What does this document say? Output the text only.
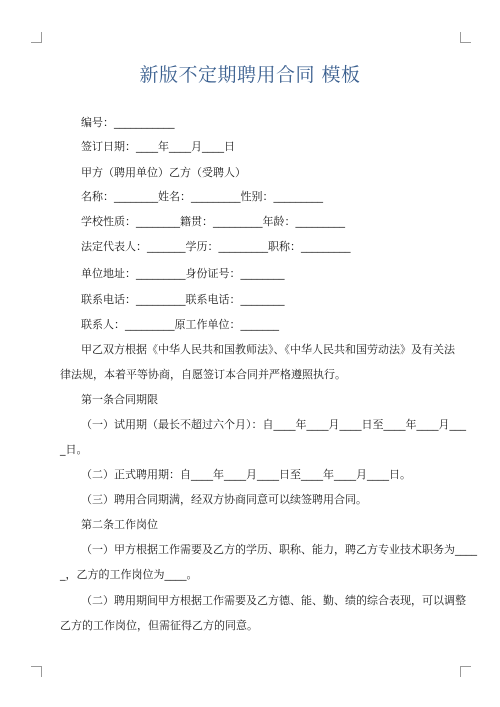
新版不定期聘用合同 模板
编号：___________
签订日期：____年____月____日
甲方（聘用单位）乙方（受聘人）
名称：________姓名：_________性别：_________
学校性质：________籍贯：_________年龄：_________
法定代表人：_______学历：_________职称：_________
单位地址：_________身份证号：________
联系电话：_________联系电话：________
联系人：_________原工作单位：_______
甲乙双方根据《中华人民共和国教师法》、《中华人民共和国劳动法》及有关法
律法规，本着平等协商，自愿签订本合同并严格遵照执行。
第一条合同期限
（一）试用期（最长不超过六个月）：自____年____月____日至____年____月___
_日。
（二）正式聘用期：自____年____月____日至____年____月____日。
（三）聘用合同期满，经双方协商同意可以续签聘用合同。
第二条工作岗位
（一）甲方根据工作需要及乙方的学历、职称、能力，聘乙方专业技术职务为____
_，乙方的工作岗位为____。
（二）聘用期间甲方根据工作需要及乙方德、能、勤、绩的综合表现，可以调整
乙方的工作岗位，但需征得乙方的同意。
